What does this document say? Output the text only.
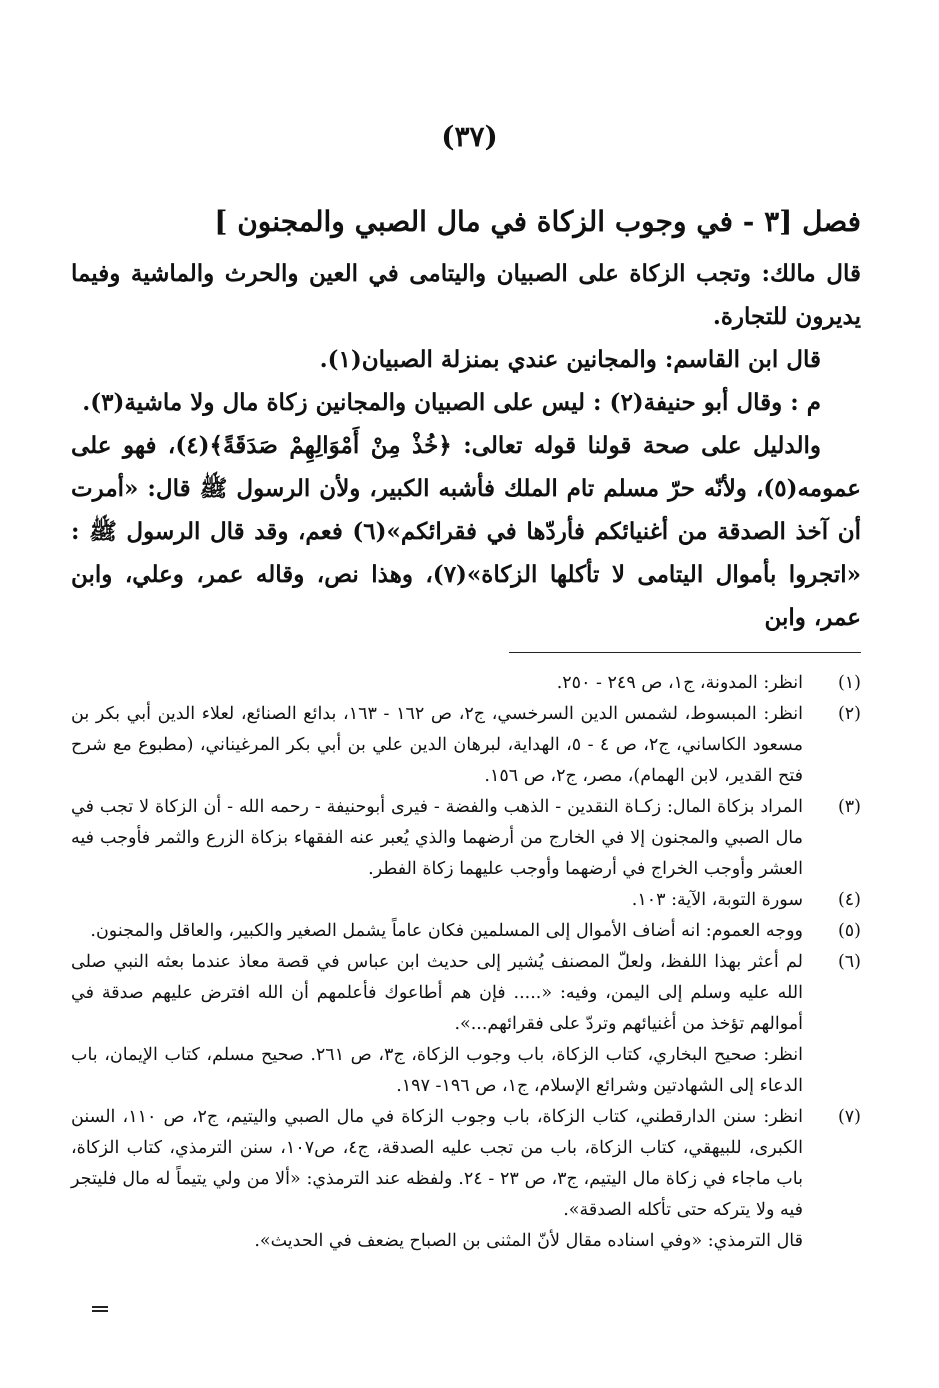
(٣٧)
فصل [٣ - في وجوب الزكاة في مال الصبي والمجنون ]

قال مالك: وتجب الزكاة على الصبيان واليتامى في العين والحرث والماشية وفيما يديرون للتجارة.

قال ابن القاسم: والمجانين عندي بمنزلة الصبيان(١).

م : وقال أبو حنيفة(٢) : ليس على الصبيان والمجانين زكاة مال ولا ماشية(٣).

والدليل على صحة قولنا قوله تعالى: ﴿خُذْ مِنْ أَمْوَالِهِمْ صَدَقَةً﴾(٤)، فهو على عمومه(٥)، ولأنّه حرّ مسلم تام الملك فأشبه الكبير، ولأن الرسول ﷺ قال: «أمرت أن آخذ الصدقة من أغنيائكم فأردّها في فقرائكم»(٦) فعم، وقد قال الرسول ﷺ : «اتجروا بأموال اليتامى لا تأكلها الزكاة»(٧)، وهذا نص، وقاله عمر، وعلي، وابن عمر، وابن

(١)
انظر: المدونة، ج١، ص ٢٤٩ - ٢٥٠.
(٢)
انظر: المبسوط، لشمس الدين السرخسي، ج٢، ص ١٦٢ - ١٦٣، بدائع الصنائع، لعلاء الدين أبي بكر بن مسعود الكاساني، ج٢، ص ٤ - ٥، الهداية، لبرهان الدين علي بن أبي بكر المرغيناني، (مطبوع مع شرح فتح القدير، لابن الهمام)، مصر، ج٢، ص ١٥٦.
(٣)
المراد بزكاة المال: زكـاة النقدين - الذهب والفضة - فيرى أبوحنيفة - رحمه الله - أن الزكاة لا تجب في مال الصبي والمجنون إلا في الخارج من أرضهما والذي يُعبر عنه الفقهاء بزكاة الزرع والثمر فأوجب فيه العشر وأوجب الخراج في أرضهما وأوجب عليهما زكاة الفطر.
(٤)
سورة التوبة، الآية: ١٠٣.
(٥)
ووجه العموم: انه أضاف الأموال إلى المسلمين فكان عاماً يشمل الصغير والكبير، والعاقل والمجنون.
(٦)
لم أعثر بهذا اللفظ، ولعلّ المصنف يُشير إلى حديث ابن عباس في قصة معاذ عندما بعثه النبي صلى الله عليه وسلم إلى اليمن، وفيه: «..... فإن هم أطاعوك فأعلمهم أن الله افترض عليهم صدقة في أموالهم تؤخذ من أغنيائهم وتردّ على فقرائهم...».

انظر: صحيح البخاري، كتاب الزكاة، باب وجوب الزكاة، ج٣، ص ٢٦١. صحيح مسلم، كتاب الإيمان، باب الدعاء إلى الشهادتين وشرائع الإسلام، ج١، ص ١٩٦- ١٩٧.

(٧)
انظر: سنن الدارقطني، كتاب الزكاة، باب وجوب الزكاة في مال الصبي واليتيم، ج٢، ص ١١٠، السنن الكبرى، للبيهقي، كتاب الزكاة، باب من تجب عليه الصدقة، ج٤، ص١٠٧، سنن الترمذي، كتاب الزكاة، باب ماجاء في زكاة مال اليتيم، ج٣، ص ٢٣ - ٢٤. ولفظه عند الترمذي: «ألا من ولي يتيماً له مال فليتجر فيه ولا يتركه حتى تأكله الصدقة».

قال الترمذي: «وفي اسناده مقال لأنّ المثنى بن الصباح يضعف في الحديث».
